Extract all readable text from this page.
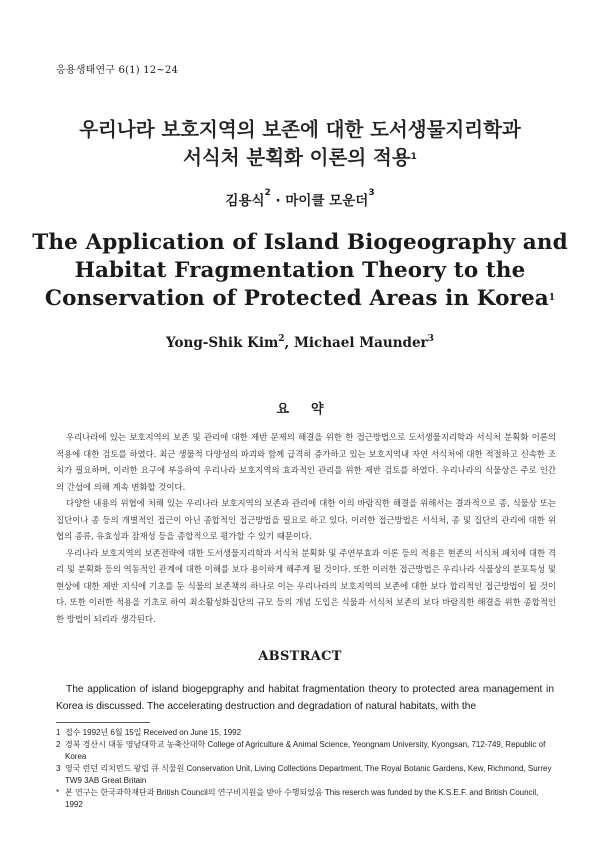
응용생태연구 6(1) 12~24
우리나라 보호지역의 보존에 대한 도서생물지리학과
서식처 분획화 이론의 적용$^1$
김용식$^2$ · 마이클 모운더$^3$
The Application of Island Biogeography and
Habitat Fragmentation Theory to the
Conservation of Protected Areas in Korea$^1$
Yong-Shik Kim$^2$, Michael Maunder$^3$
요약

우리나라에 있는 보호지역의 보존 및 관리에 대한 제반 문제의 해결을 위한 한 접근방법으로 도서생물지리학과 서식처 분획화 이론의 적용에 대한 검토를 하였다. 최근 생물적 다양성의 파괴와 함께 급격히 증가하고 있는 보호지역내 자연 서식처에 대한 적절하고 신속한 조치가 필요하며, 이러한 요구에 부응하여 우리나라 보호지역의 효과적인 관리를 위한 제반 검토를 하였다. 우리나라의 식물상은 주로 인간의 간섭에 의해 계속 변화할 것이다.

다양한 내용의 위협에 처해 있는 우리나라 보호지역의 보존과 관리에 대한 이의 바람직한 해결을 위해서는 결과적으로 종, 식물상 또는 집단이나 종 등의 개별적인 접근이 아닌 종합적인 접근방법을 필요로 하고 있다. 이러한 접근방법은 서식처, 종 및 집단의 관리에 대한 위협의 종류, 유효성과 잠재성 등을 종합적으로 평가할 수 있기 때문이다.

우리나라 보호지역의 보존전략에 대한 도서생물지리학과 서식처 분획화 및 주연부효과 이론 등의 적용은 현존의 서식처 패치에 대한 격리 및 분획화 등의 역동적인 관계에 대한 이해를 보다 용이하게 해주게 될 것이다. 또한 이러한 접근방법은 우리나라 식물상의 분포특성 및 현상에 대한 제반 지식에 기초를 둔 식물의 보존책의 하나로 이는 우리나라의 보호지역의 보존에 대한 보다 합리적인 접근방법이 될 것이다. 또한 이러한 적용을 기초로 하여 최소활성화집단의 규모 등의 개념 도입은 식물과 서식처 보존의 보다 바람직한 해결을 위한 종합적인 한 방법이 되리라 생각된다.

ABSTRACT

The application of island biogepgraphy and habitat fragmentation theory to protected area management in Korea is discussed. The accelerating destruction and degradation of natural habitats, with the

1 접수 1992년 6월 15일 Received on June 15, 1992
2 경북 경산시 대동 영남대학교 농축산대학 College of Agriculture & Animal Science, Yeongnam University, Kyongsan, 712-749, Republic of Korea
3 영국 런던 리치먼드 왕립 큐 식물원 Conservation Unit, Living Collections Department, The Royal Botanic Gardens, Kew, Richmond, Surrey TW9 3AB Great Britain
* 본 연구는 한국과학재단과 British Council의 연구비지원을 받아 수행되었음 This reserch was funded by the K.S.E.F. and British Council, 1992
